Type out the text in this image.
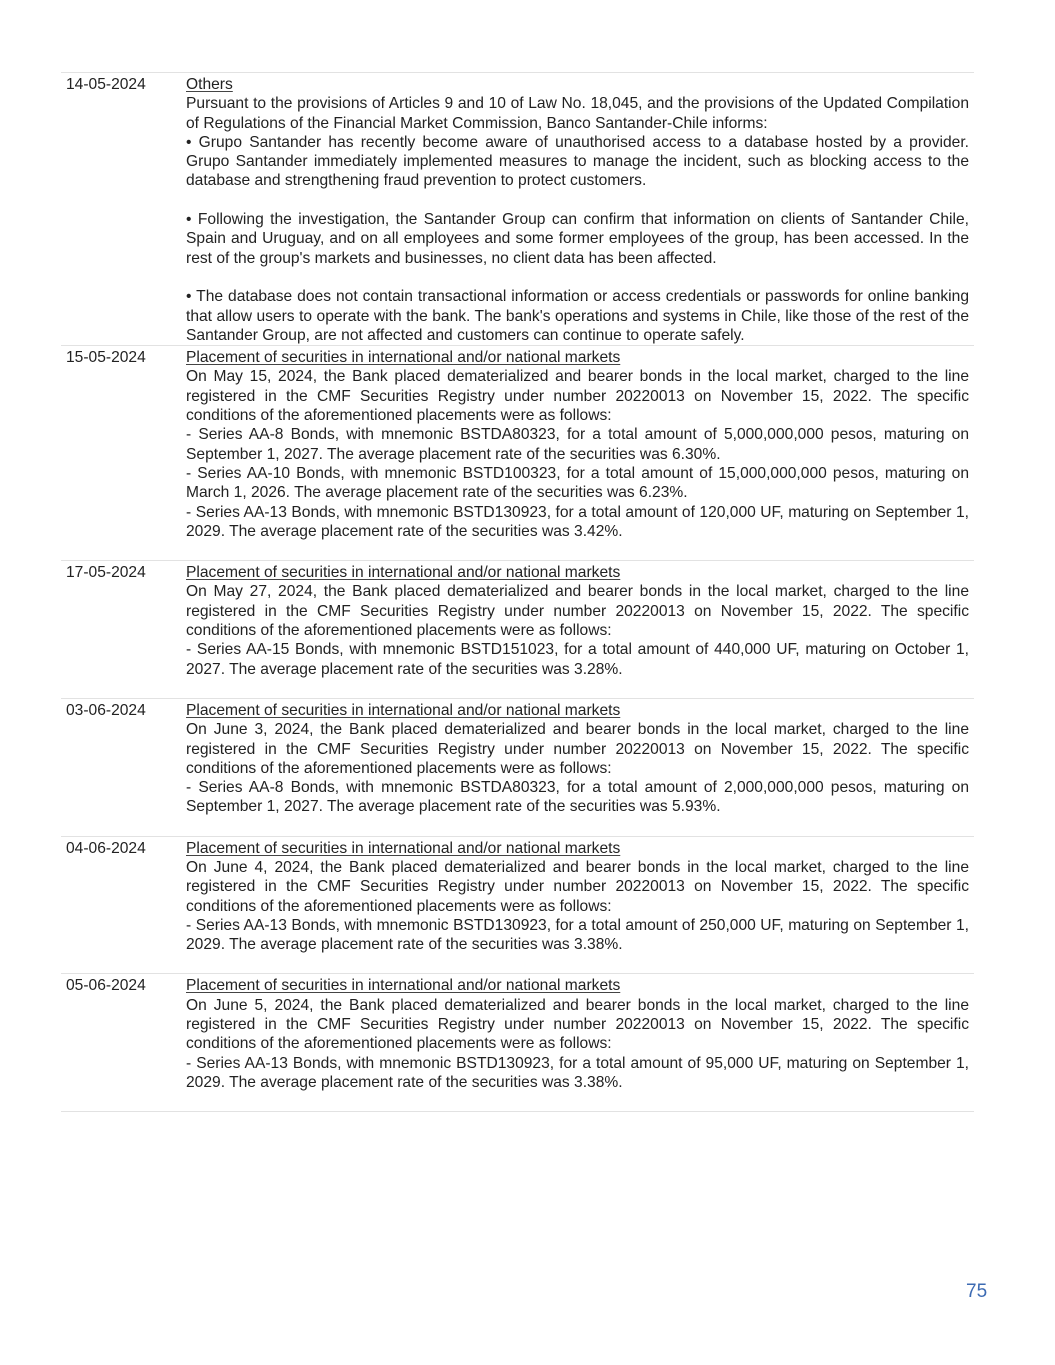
14-05-2024	Others
Pursuant to the provisions of Articles 9 and 10 of Law No. 18,045, and the provisions of the Updated Compilation of Regulations of the Financial Market Commission, Banco Santander-Chile informs:
• Grupo Santander has recently become aware of unauthorised access to a database hosted by a provider. Grupo Santander immediately implemented measures to manage the incident, such as blocking access to the database and strengthening fraud prevention to protect customers.
• Following the investigation, the Santander Group can confirm that information on clients of Santander Chile, Spain and Uruguay, and on all employees and some former employees of the group, has been accessed. In the rest of the group's markets and businesses, no client data has been affected.
• The database does not contain transactional information or access credentials or passwords for online banking that allow users to operate with the bank. The bank's operations and systems in Chile, like those of the rest of the Santander Group, are not affected and customers can continue to operate safely.
15-05-2024	Placement of securities in international and/or national markets
On May 15, 2024, the Bank placed dematerialized and bearer bonds in the local market, charged to the line registered in the CMF Securities Registry under number 20220013 on November 15, 2022. The specific conditions of the aforementioned placements were as follows:
- Series AA-8 Bonds, with mnemonic BSTDA80323, for a total amount of 5,000,000,000 pesos, maturing on September 1, 2027. The average placement rate of the securities was 6.30%.
- Series AA-10 Bonds, with mnemonic BSTD100323, for a total amount of 15,000,000,000 pesos, maturing on March 1, 2026. The average placement rate of the securities was 6.23%.
- Series AA-13 Bonds, with mnemonic BSTD130923, for a total amount of 120,000 UF, maturing on September 1, 2029. The average placement rate of the securities was 3.42%.
17-05-2024	Placement of securities in international and/or national markets
On May 27, 2024, the Bank placed dematerialized and bearer bonds in the local market, charged to the line registered in the CMF Securities Registry under number 20220013 on November 15, 2022. The specific conditions of the aforementioned placements were as follows:
- Series AA-15 Bonds, with mnemonic BSTD151023, for a total amount of 440,000 UF, maturing on October 1, 2027. The average placement rate of the securities was 3.28%.
03-06-2024	Placement of securities in international and/or national markets
On June 3, 2024, the Bank placed dematerialized and bearer bonds in the local market, charged to the line registered in the CMF Securities Registry under number 20220013 on November 15, 2022. The specific conditions of the aforementioned placements were as follows:
- Series AA-8 Bonds, with mnemonic BSTDA80323, for a total amount of 2,000,000,000 pesos, maturing on September 1, 2027. The average placement rate of the securities was 5.93%.
04-06-2024	Placement of securities in international and/or national markets
On June 4, 2024, the Bank placed dematerialized and bearer bonds in the local market, charged to the line registered in the CMF Securities Registry under number 20220013 on November 15, 2022. The specific conditions of the aforementioned placements were as follows:
- Series AA-13 Bonds, with mnemonic BSTD130923, for a total amount of 250,000 UF, maturing on September 1, 2029. The average placement rate of the securities was 3.38%.
05-06-2024	Placement of securities in international and/or national markets
On June 5, 2024, the Bank placed dematerialized and bearer bonds in the local market, charged to the line registered in the CMF Securities Registry under number 20220013 on November 15, 2022. The specific conditions of the aforementioned placements were as follows:
- Series AA-13 Bonds, with mnemonic BSTD130923, for a total amount of 95,000 UF, maturing on September 1, 2029. The average placement rate of the securities was 3.38%.
75
